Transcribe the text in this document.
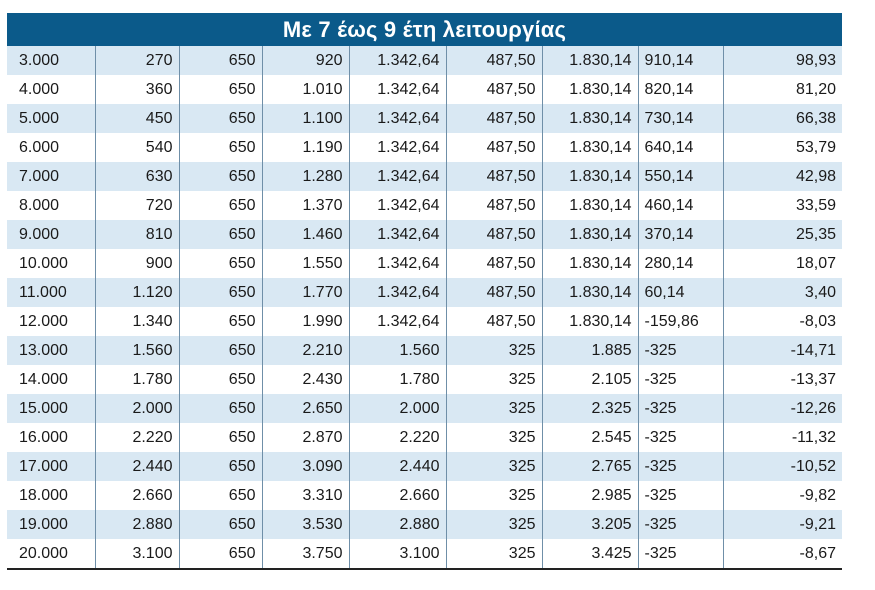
Με 7 έως 9 έτη λειτουργίας
3.000	270	650	920	1.342,64	487,50	1.830,14	910,14	98,93
4.000	360	650	1.010	1.342,64	487,50	1.830,14	820,14	81,20
5.000	450	650	1.100	1.342,64	487,50	1.830,14	730,14	66,38
6.000	540	650	1.190	1.342,64	487,50	1.830,14	640,14	53,79
7.000	630	650	1.280	1.342,64	487,50	1.830,14	550,14	42,98
8.000	720	650	1.370	1.342,64	487,50	1.830,14	460,14	33,59
9.000	810	650	1.460	1.342,64	487,50	1.830,14	370,14	25,35
10.000	900	650	1.550	1.342,64	487,50	1.830,14	280,14	18,07
11.000	1.120	650	1.770	1.342,64	487,50	1.830,14	60,14	3,40
12.000	1.340	650	1.990	1.342,64	487,50	1.830,14	-159,86	-8,03
13.000	1.560	650	2.210	1.560	325	1.885	-325	-14,71
14.000	1.780	650	2.430	1.780	325	2.105	-325	-13,37
15.000	2.000	650	2.650	2.000	325	2.325	-325	-12,26
16.000	2.220	650	2.870	2.220	325	2.545	-325	-11,32
17.000	2.440	650	3.090	2.440	325	2.765	-325	-10,52
18.000	2.660	650	3.310	2.660	325	2.985	-325	-9,82
19.000	2.880	650	3.530	2.880	325	3.205	-325	-9,21
20.000	3.100	650	3.750	3.100	325	3.425	-325	-8,67
